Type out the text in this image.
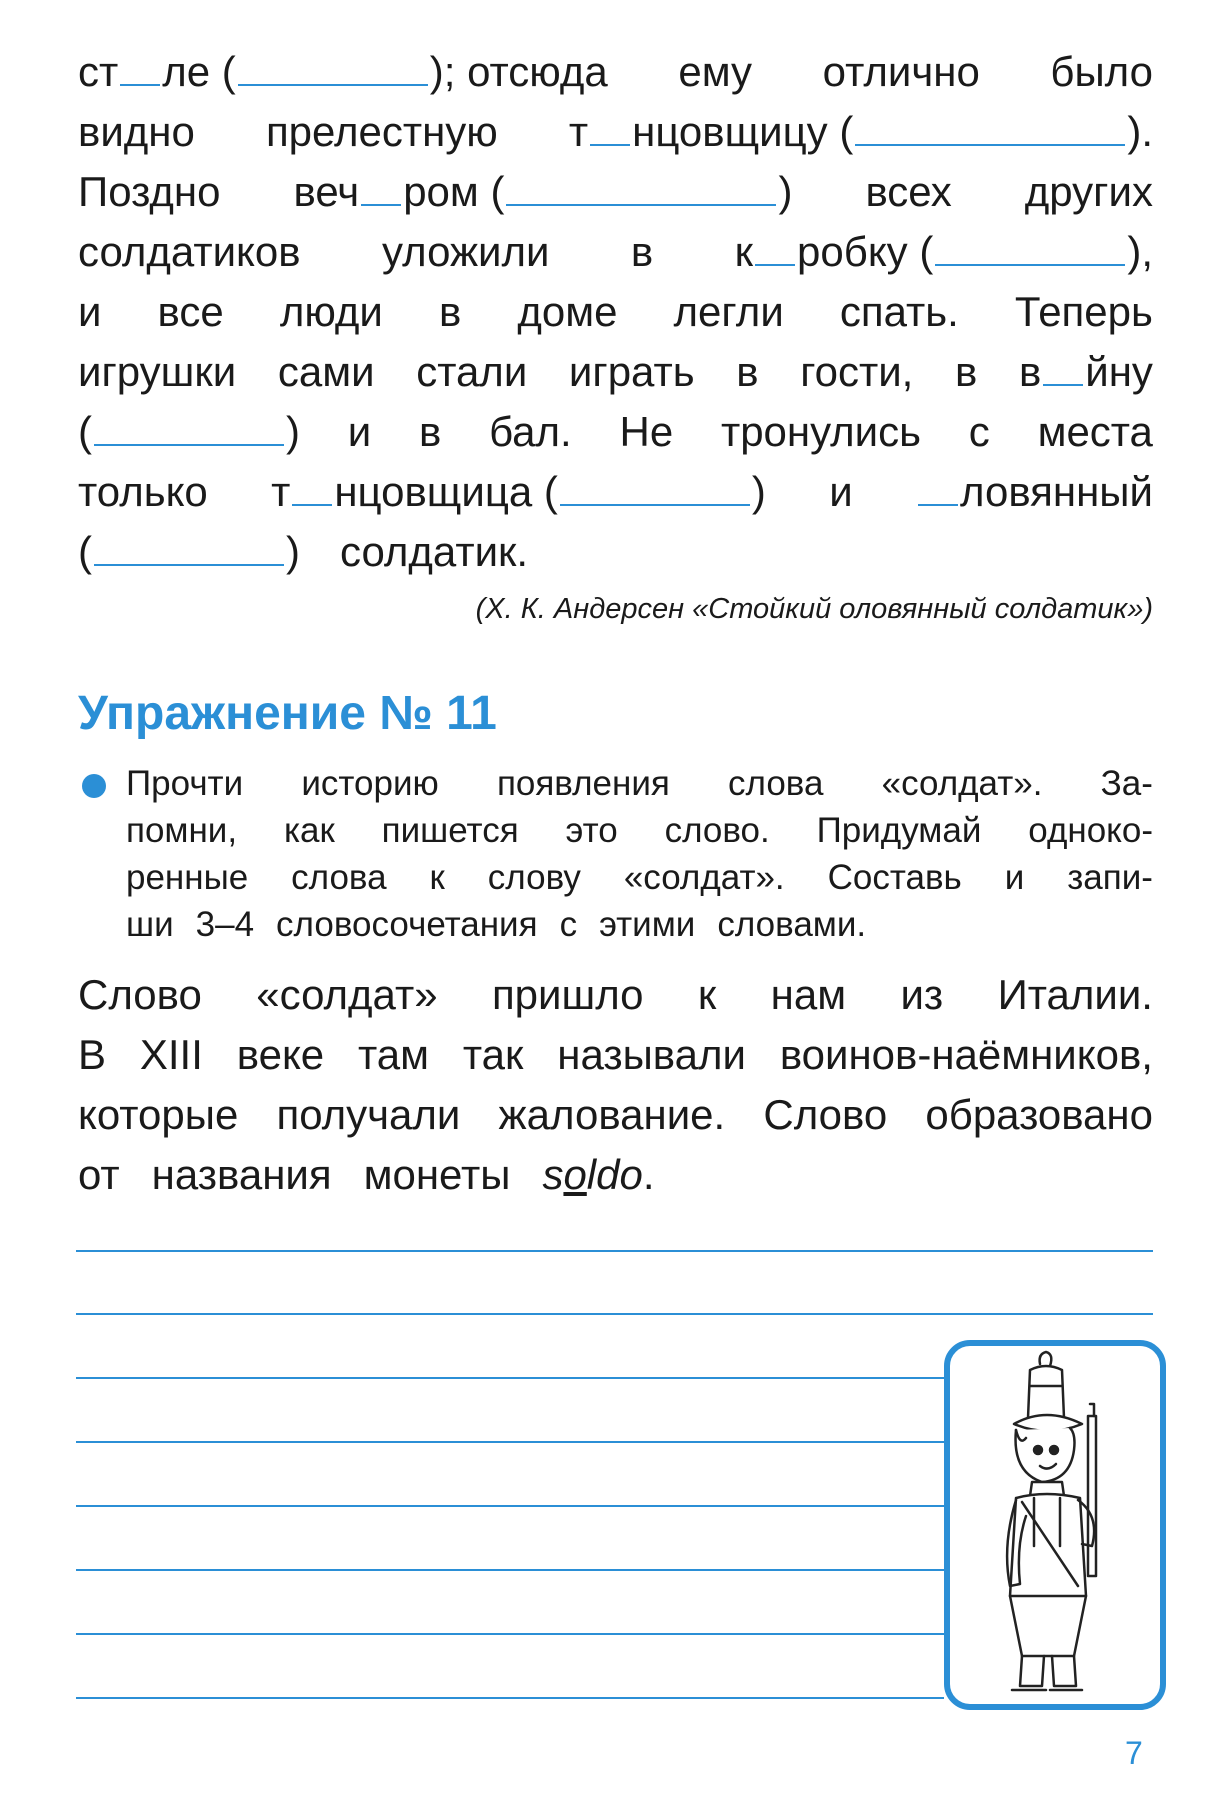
ст ле (	); отсюда ему отлично было
видно прелестную т нцовщицу (	).
Поздно веч ром (	) всех других
солдатиков уложили в к робку (	),
и все люди в доме легли спать. Теперь
игрушки сами стали играть в гости, в в йну
(	) и в бал. Не тронулись с места
только т нцовщица (	) и	ловянный
(	) солдатик.
(Х. К. Андерсен «Стойкий оловянный солдатик»)
Упражнение № 11
Прочти историю появления слова «солдат». За-
помни, как пишется это слово. Придумай однoко-
ренные слова к слову «солдат». Составь и запи-
ши 3–4 словосочетания с этими словами.
Слово «солдат» пришло к нам из Италии.
В XIII веке там так называли воинов-наёмников,
которые получали жалование. Слово образовано
от названия монеты soldo.
7
